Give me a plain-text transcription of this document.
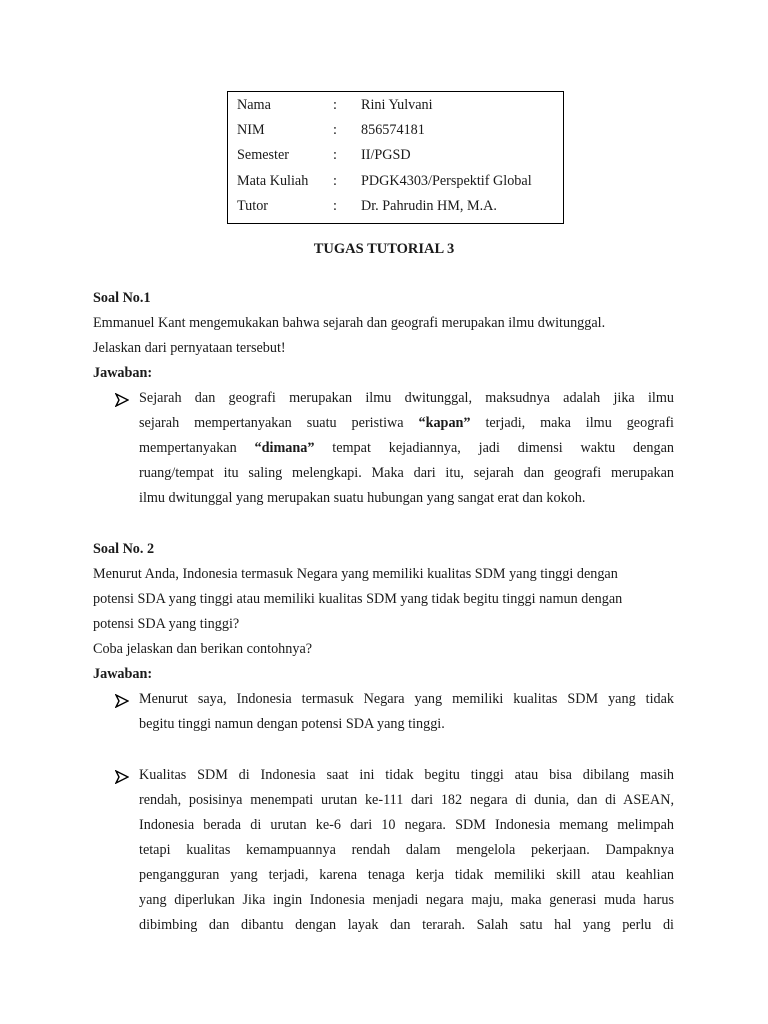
Nama	: Rini Yulvani
NIM	: 856574181
Semester	: II/PGSD
Mata Kuliah : PDGK4303/Perspektif Global
Tutor	: Dr. Pahrudin HM, M.A.
TUGAS TUTORIAL 3
Soal No.1
Emmanuel Kant mengemukakan bahwa sejarah dan geografi merupakan ilmu dwitunggal.
Jelaskan dari pernyataan tersebut!
Jawaban:
Sejarah dan geografi merupakan ilmu dwitunggal, maksudnya adalah jika ilmu
sejarah mempertanyakan suatu peristiwa “kapan” terjadi, maka ilmu geografi
mempertanyakan “dimana” tempat kejadiannya, jadi dimensi waktu dengan
ruang/tempat itu saling melengkapi. Maka dari itu, sejarah dan geografi merupakan
ilmu dwitunggal yang merupakan suatu hubungan yang sangat erat dan kokoh.
Soal No. 2
Menurut Anda, Indonesia termasuk Negara yang memiliki kualitas SDM yang tinggi dengan
potensi SDA yang tinggi atau memiliki kualitas SDM yang tidak begitu tinggi namun dengan
potensi SDA yang tinggi?
Coba jelaskan dan berikan contohnya?
Jawaban:
Menurut saya, Indonesia termasuk Negara yang memiliki kualitas SDM yang tidak
begitu tinggi namun dengan potensi SDA yang tinggi.
Kualitas SDM di Indonesia saat ini tidak begitu tinggi atau bisa dibilang masih
rendah, posisinya menempati urutan ke-111 dari 182 negara di dunia, dan di ASEAN,
Indonesia berada di urutan ke-6 dari 10 negara. SDM Indonesia memang melimpah
tetapi kualitas kemampuannya rendah dalam mengelola pekerjaan. Dampaknya
pengangguran yang terjadi, karena tenaga kerja tidak memiliki skill atau keahlian
yang diperlukan Jika ingin Indonesia menjadi negara maju, maka generasi muda harus
dibimbing dan dibantu dengan layak dan terarah. Salah satu hal yang perlu di
